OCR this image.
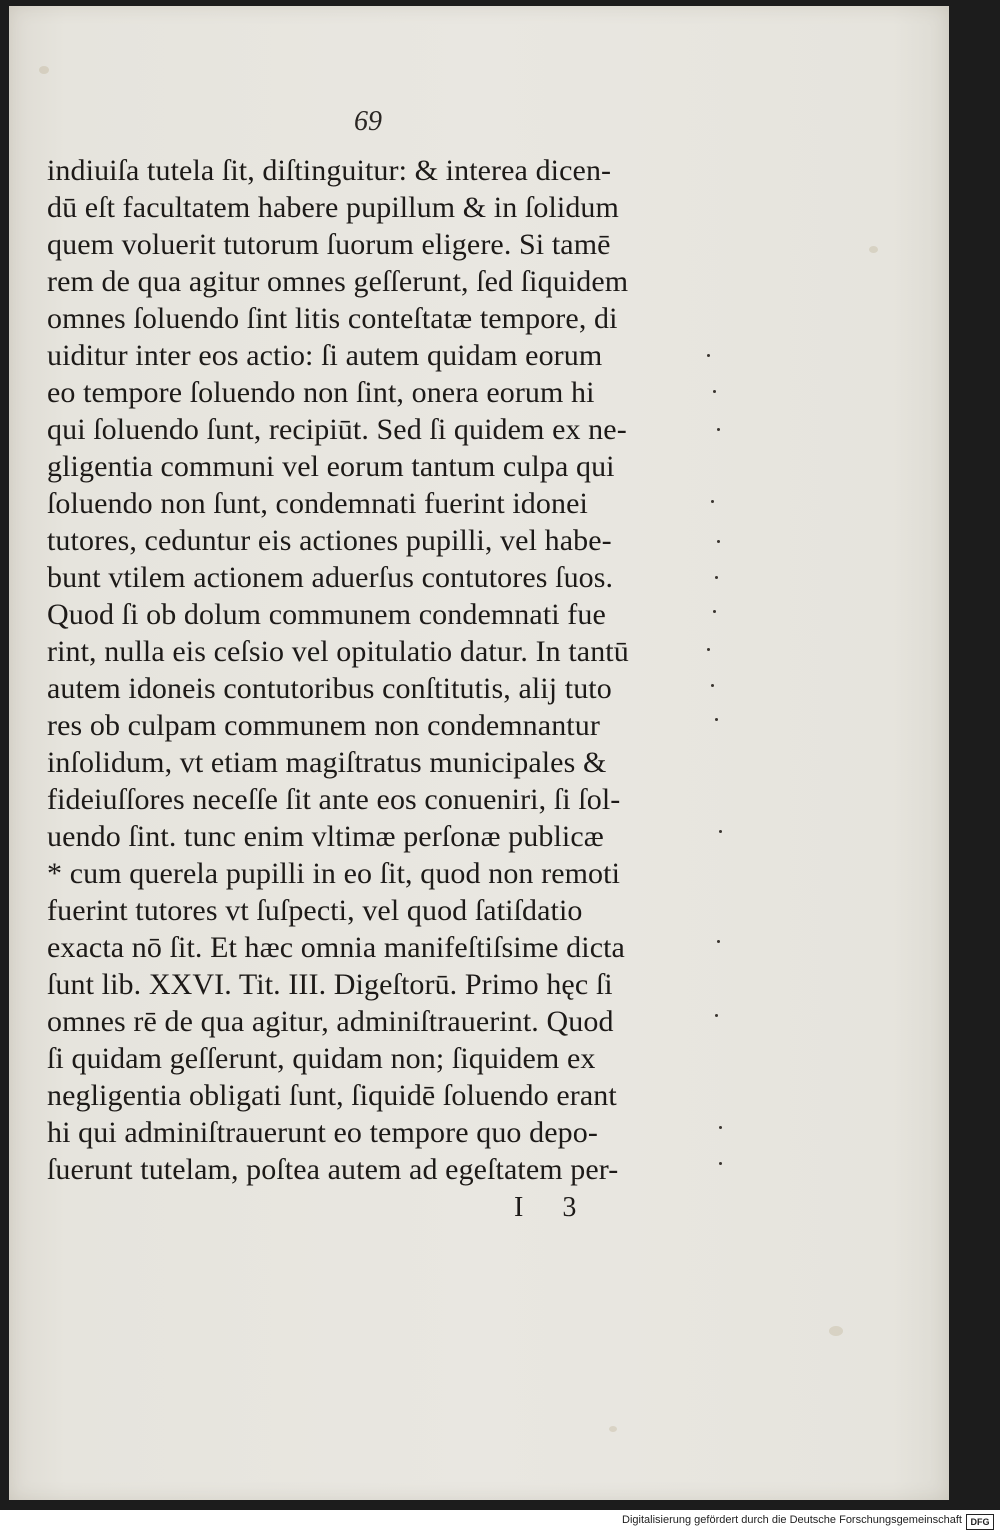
69
indiuiſa tutela ſit, diſtinguitur: & interea dicen-
dū eſt facultatem habere pupillum & in ſolidum
quem voluerit tutorum ſuorum eligere. Si tamē
rem de qua agitur omnes geſſerunt, ſed ſiquidem
omnes ſoluendo ſint litis conteſtatæ tempore, di
uiditur inter eos actio: ſi autem quidam eorum
eo tempore ſoluendo non ſint, onera eorum hi
qui ſoluendo ſunt, recipiūt. Sed ſi quidem ex ne-
gligentia communi vel eorum tantum culpa qui
ſoluendo non ſunt, condemnati fuerint idonei
tutores, ceduntur eis actiones pupilli, vel habe-
bunt vtilem actionem aduerſus contutores ſuos.
Quod ſi ob dolum communem condemnati fue
rint, nulla eis ceſsio vel opitulatio datur. In tantū
autem idoneis contutoribus conſtitutis, alij tuto
res ob culpam communem non condemnantur
inſolidum, vt etiam magiſtratus municipales &
fideiuſſores neceſſe ſit ante eos conueniri, ſi ſol-
uendo ſint. tunc enim vltimæ perſonæ publicæ
* cum querela pupilli in eo ſit, quod non remoti
fuerint tutores vt ſuſpecti, vel quod ſatiſdatio
exacta nō ſit. Et hæc omnia manifeſtiſsime dicta
ſunt lib. XXVI. Tit. III. Digeſtorū. Primo hęc ſi
omnes rē de qua agitur, adminiſtrauerint. Quod
ſi quidam geſſerunt, quidam non; ſiquidem ex
negligentia obligati ſunt, ſiquidē ſoluendo erant
hi qui adminiſtrauerunt eo tempore quo depo-
ſuerunt tutelam, poſtea autem ad egeſtatem per-
I 3
Digitalisierung gefördert durch die Deutsche Forschungsgemeinschaft DFG
